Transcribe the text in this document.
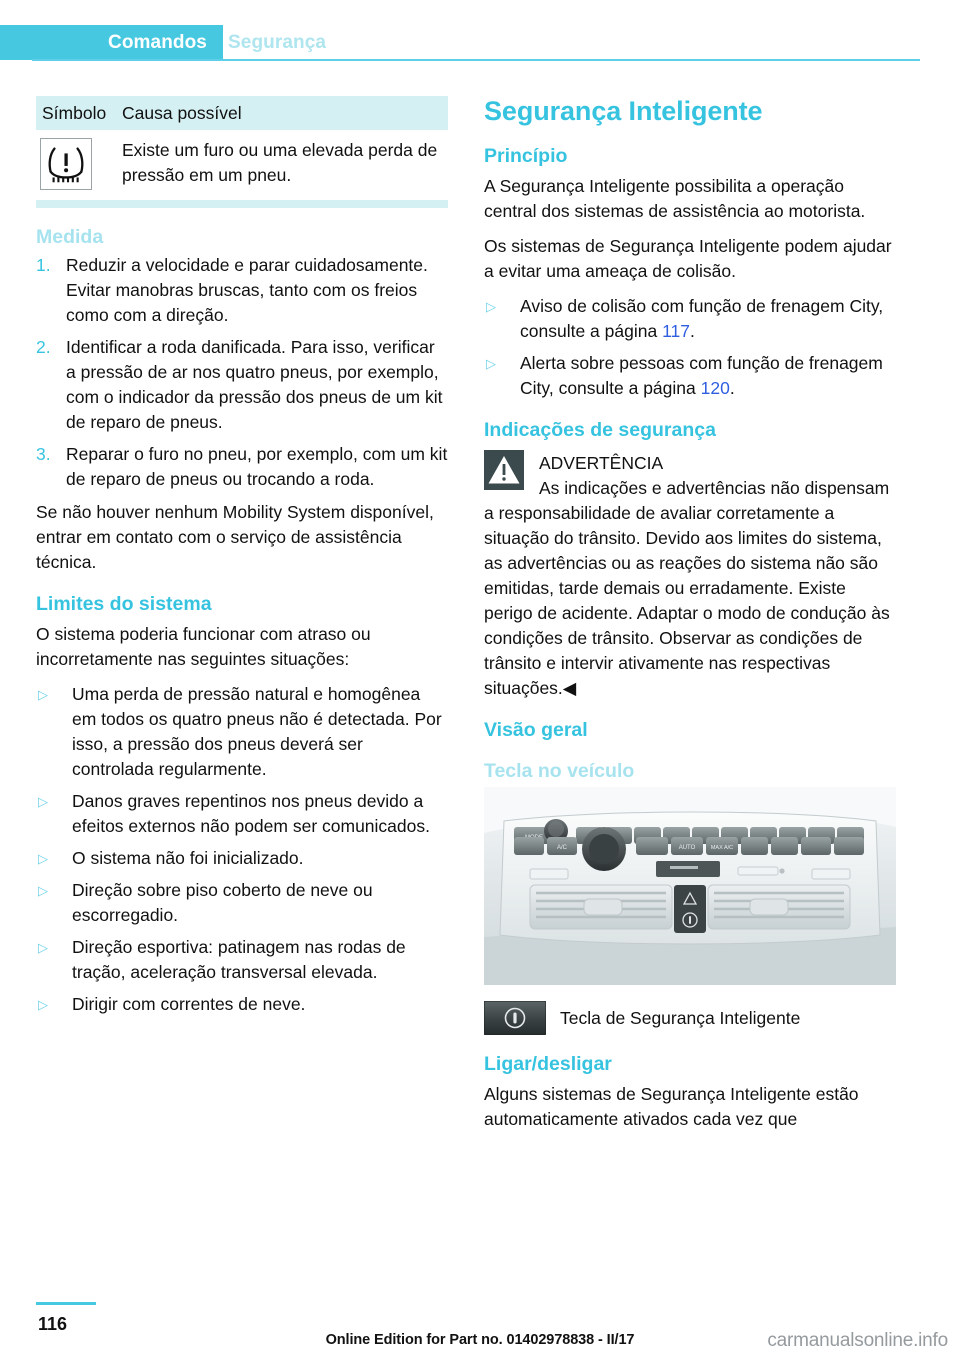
Comandos	Segurança
Símbolo Causa possível
Existe um furo ou uma elevada perda de pressão em um pneu.
Medida
1. Reduzir a velocidade e parar cuidadosamente. Evitar manobras bruscas, tanto com os freios como com a direção.
2. Identificar a roda danificada. Para isso, verificar a pressão de ar nos quatro pneus, por exemplo, com o indicador da pressão dos pneus de um kit de reparo de pneus.
3. Reparar o furo no pneu, por exemplo, com um kit de reparo de pneus ou trocando a roda.

Se não houver nenhum Mobility System disponível, entrar em contato com o serviço de assistência técnica.

Limites do sistema

O sistema poderia funcionar com atraso ou incorretamente nas seguintes situações:

▷	Uma perda de pressão natural e homogênea em todos os quatro pneus não é detectada. Por isso, a pressão dos pneus deverá ser controlada regularmente.
▷	Danos graves repentinos nos pneus devido a efeitos externos não podem ser comunicados.
▷	O sistema não foi inicializado.
▷	Direção sobre piso coberto de neve ou escorregadio.
▷	Direção esportiva: patinagem nas rodas de tração, aceleração transversal elevada.
▷	Dirigir com correntes de neve.
Segurança Inteligente
Princípio

A Segurança Inteligente possibilita a operação central dos sistemas de assistência ao motorista.

Os sistemas de Segurança Inteligente podem ajudar a evitar uma ameaça de colisão.

▷	Aviso de colisão com função de frenagem City, consulte a página 117.
▷	Alerta sobre pessoas com função de frenagem City, consulte a página 120.
Indicações de segurança
ADVERTÊNCIA

As indicações e advertências não dispensam a responsabilidade de avaliar corretamente a situação do trânsito. Devido aos limites do sistema, as advertências ou as reações do sistema não são emitidas, tarde demais ou erradamente. Existe perigo de acidente. Adaptar o modo de condução às condições de trânsito. Observar as condições de trânsito e intervir ativamente nas respectivas situações.◀

Visão geral
Tecla no veículo
A/C	AUTO	MAX A/C
Tecla de Segurança Inteligente
Ligar/desligar

Alguns sistemas de Segurança Inteligente estão automaticamente ativados cada vez que

116
Online Edition for Part no. 01402978838 - II/17	carmanualsonline.info
